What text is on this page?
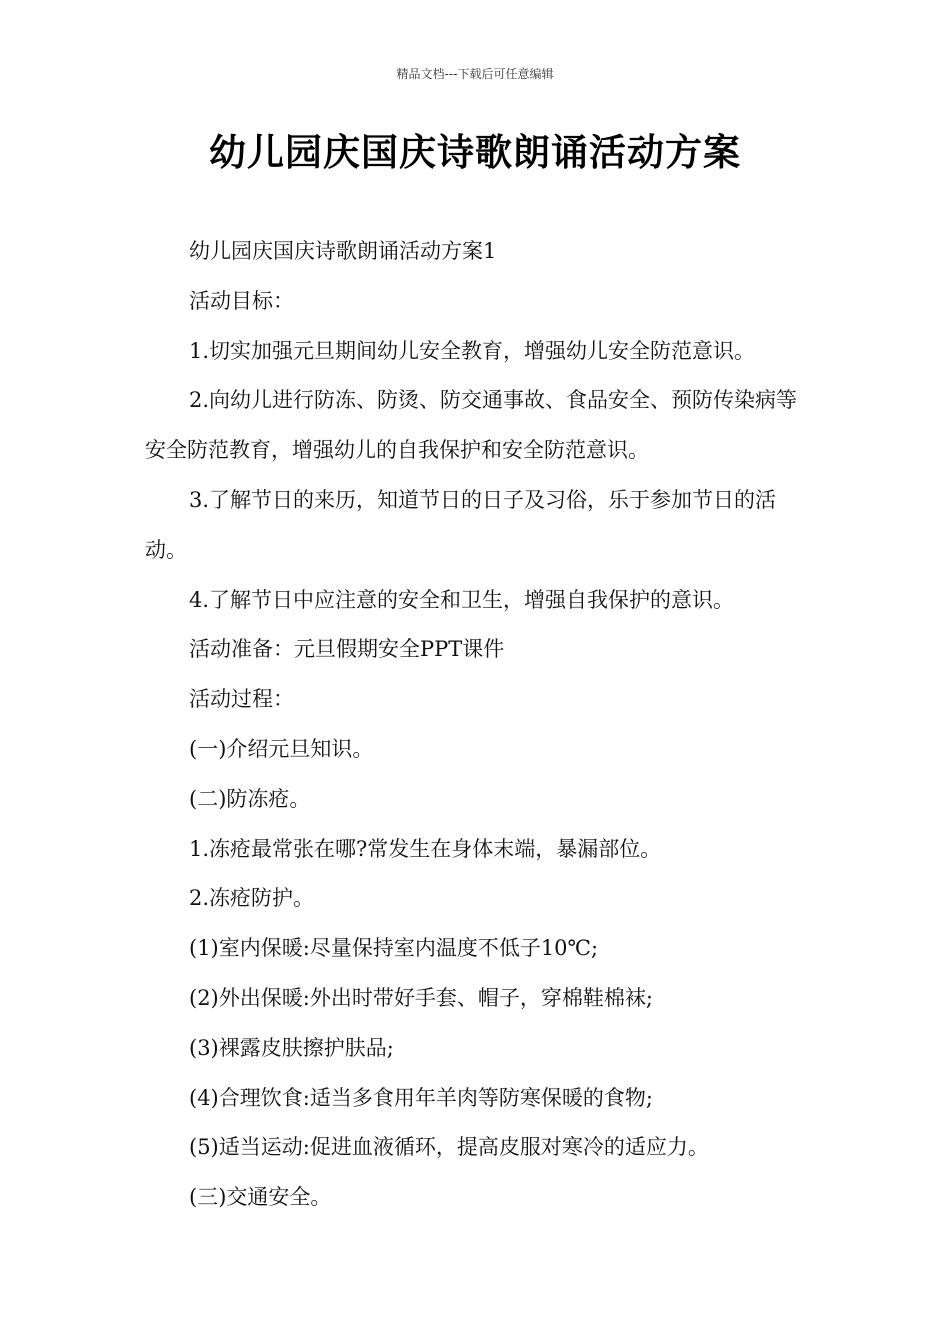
精品文档---下载后可任意编辑
幼儿园庆国庆诗歌朗诵活动方案

幼儿园庆国庆诗歌朗诵活动方案1

活动目标：

1.切实加强元旦期间幼儿安全教育，增强幼儿安全防范意识。

2.向幼儿进行防冻、防烫、防交通事故、食品安全、预防传染病等安全防范教育，增强幼儿的自我保护和安全防范意识。

3.了解节日的来历，知道节日的日子及习俗，乐于参加节日的活动。

4.了解节日中应注意的安全和卫生，增强自我保护的意识。

活动准备：元旦假期安全PPT课件

活动过程：

(一)介绍元旦知识。

(二)防冻疮。

1.冻疮最常张在哪?常发生在身体末端，暴漏部位。

2.冻疮防护。

(1)室内保暖:尽量保持室内温度不低子10℃;

(2)外出保暖:外出时带好手套、帽子，穿棉鞋棉袜;

(3)裸露皮肤擦护肤品;

(4)合理饮食:适当多食用年羊肉等防寒保暖的食物;

(5)适当运动:促进血液循环，提高皮服对寒冷的适应力。

(三)交通安全。
